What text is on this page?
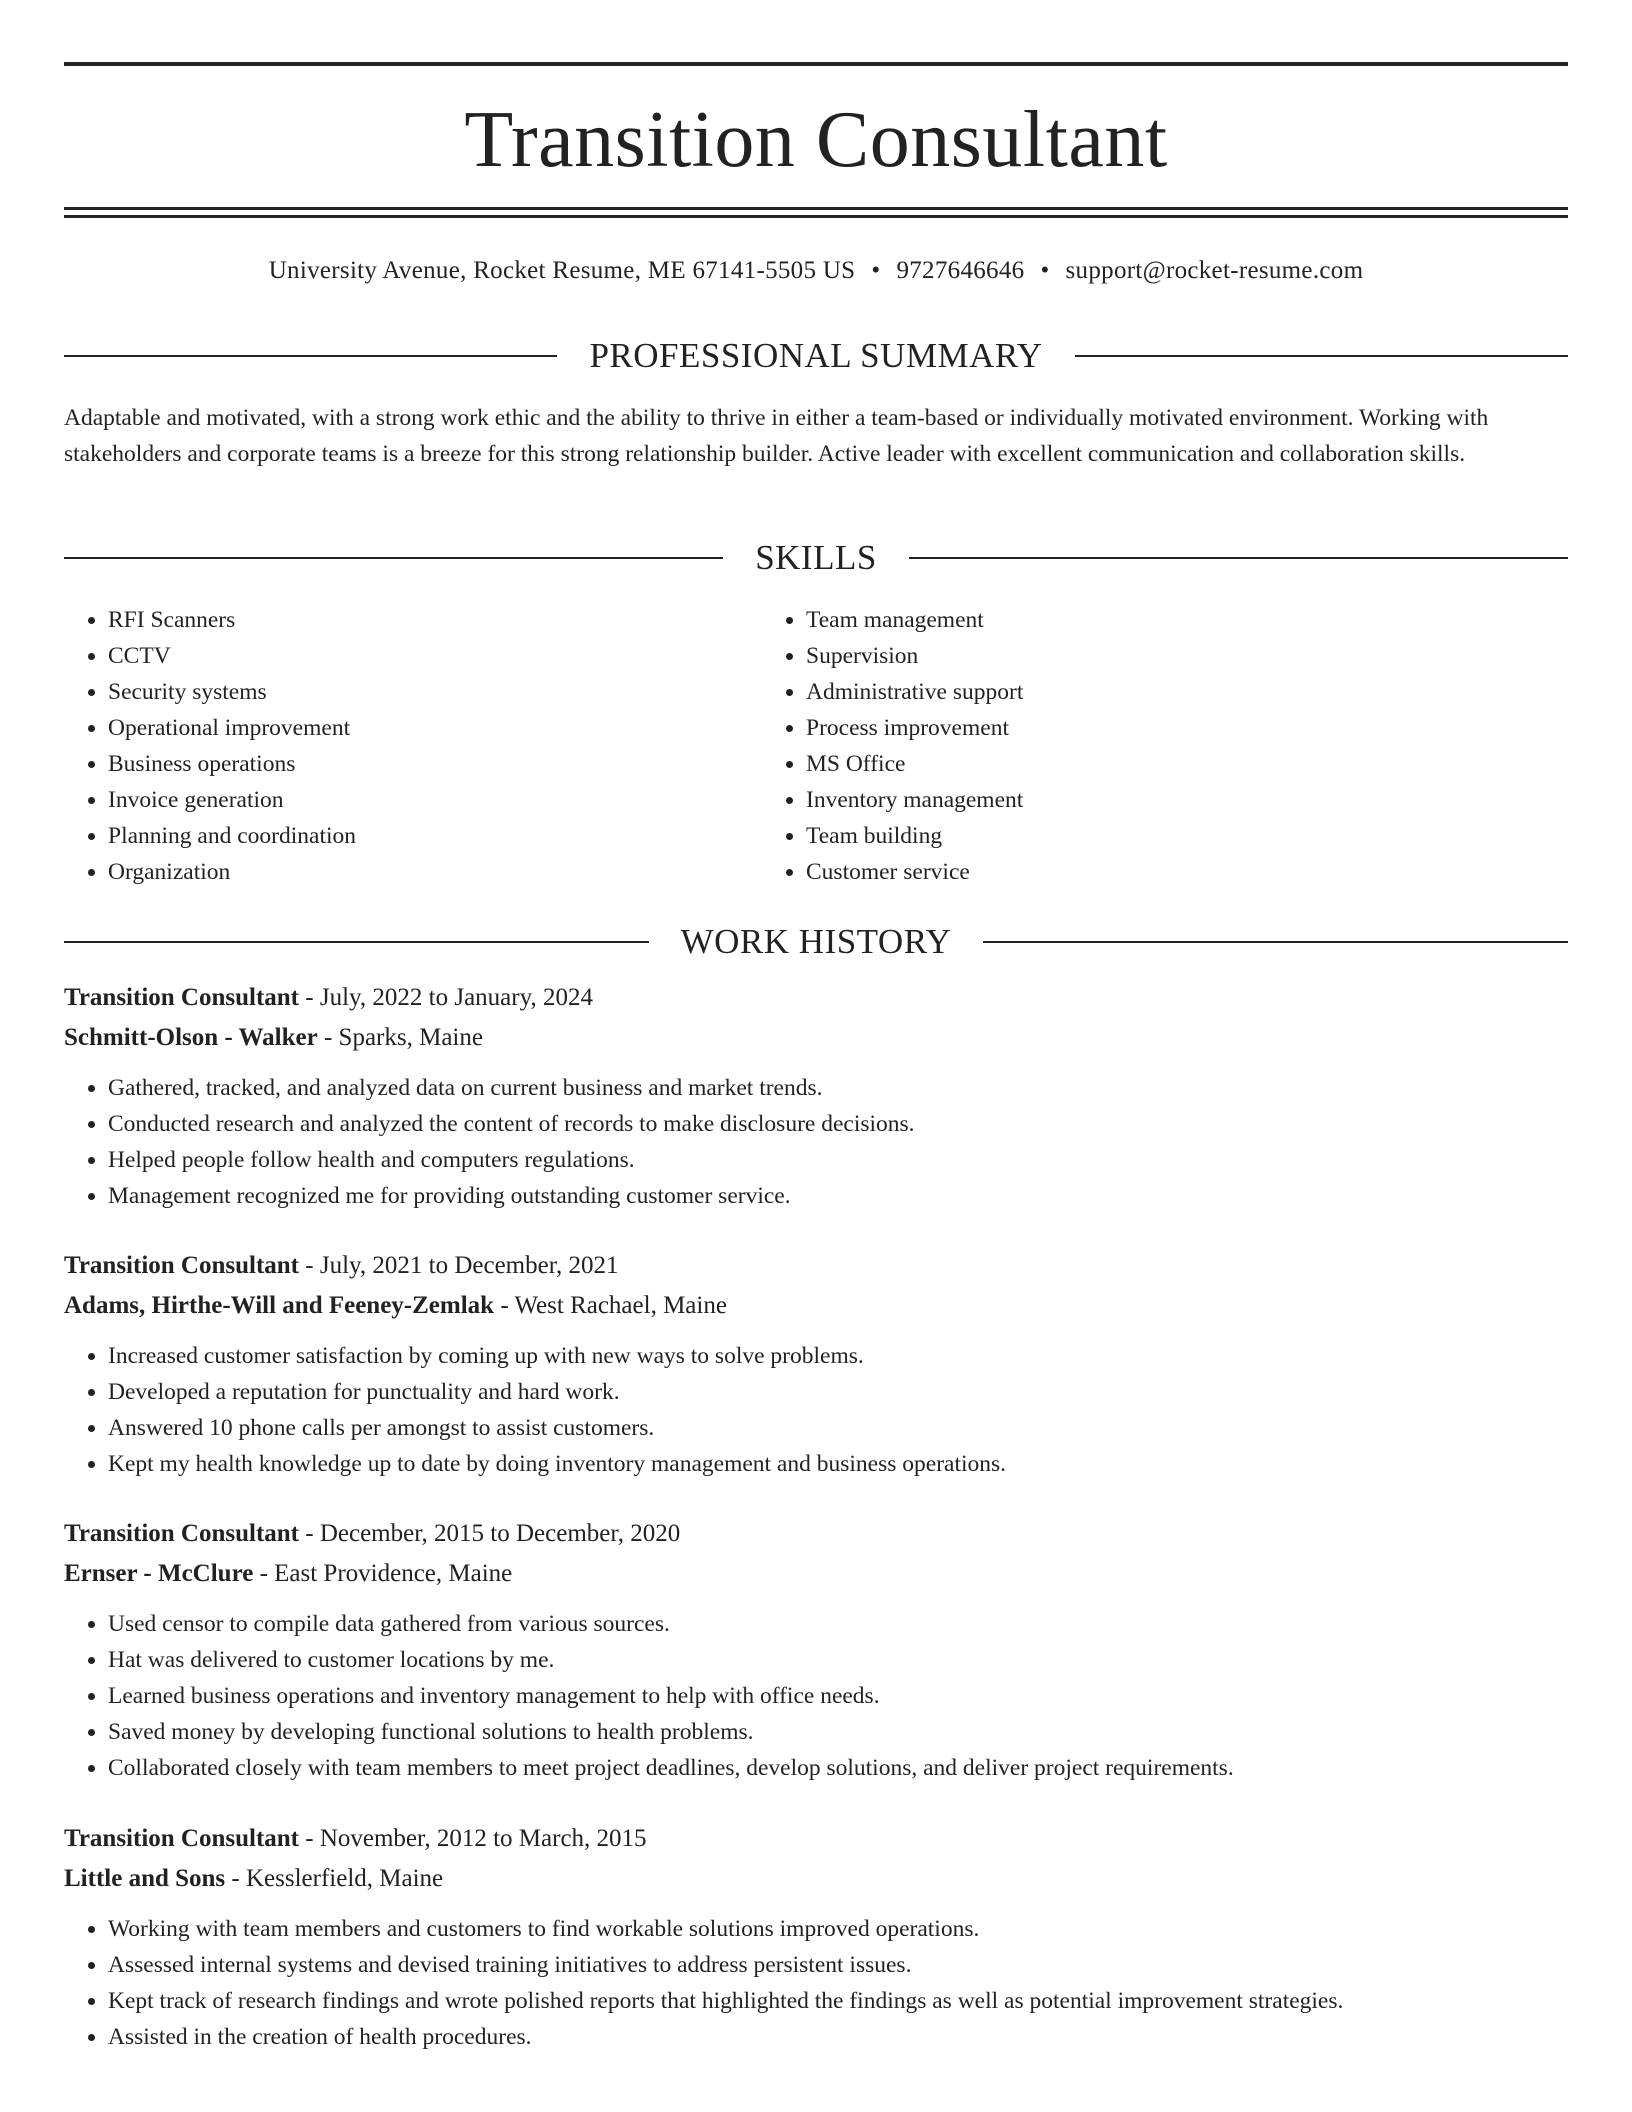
Transition Consultant
University Avenue, Rocket Resume, ME 67141-5505 US • 9727646646 • support@rocket-resume.com
PROFESSIONAL SUMMARY

Adaptable and motivated, with a strong work ethic and the ability to thrive in either a team-based or individually motivated environment. Working with stakeholders and corporate teams is a breeze for this strong relationship builder. Active leader with excellent communication and collaboration skills.

SKILLS
• RFI Scanners
• CCTV
• Security systems
• Operational improvement
• Business operations
• Invoice generation
• Planning and coordination
• Organization
• Team management
• Supervision
• Administrative support
• Process improvement
• MS Office
• Inventory management
• Team building
• Customer service
WORK HISTORY

Transition Consultant - July, 2022 to January, 2024

Schmitt-Olson - Walker - Sparks, Maine

• Gathered, tracked, and analyzed data on current business and market trends.
• Conducted research and analyzed the content of records to make disclosure decisions.
• Helped people follow health and computers regulations.
• Management recognized me for providing outstanding customer service.

Transition Consultant - July, 2021 to December, 2021

Adams, Hirthe-Will and Feeney-Zemlak - West Rachael, Maine

• Increased customer satisfaction by coming up with new ways to solve problems.
• Developed a reputation for punctuality and hard work.
• Answered 10 phone calls per amongst to assist customers.
• Kept my health knowledge up to date by doing inventory management and business operations.

Transition Consultant - December, 2015 to December, 2020

Ernser - McClure - East Providence, Maine

• Used censor to compile data gathered from various sources.
• Hat was delivered to customer locations by me.
• Learned business operations and inventory management to help with office needs.
• Saved money by developing functional solutions to health problems.
• Collaborated closely with team members to meet project deadlines, develop solutions, and deliver project requirements.

Transition Consultant - November, 2012 to March, 2015

Little and Sons - Kesslerfield, Maine

• Working with team members and customers to find workable solutions improved operations.
• Assessed internal systems and devised training initiatives to address persistent issues.
• Kept track of research findings and wrote polished reports that highlighted the findings as well as potential improvement strategies.
• Assisted in the creation of health procedures.
